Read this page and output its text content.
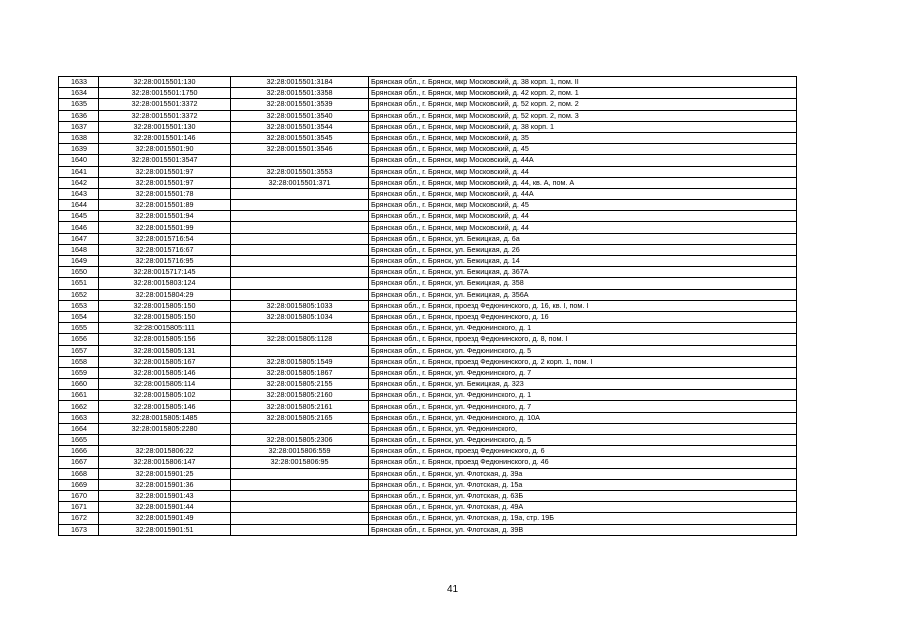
1633	32:28:0015501:130	32:28:0015501:3184	Брянская обл., г. Брянск, мкр Московский, д. 38 корп. 1, пом. II
1634	32:28:0015501:1750	32:28:0015501:3358	Брянская обл., г. Брянск, мкр Московский, д. 42 корп. 2, пом. 1
1635	32:28:0015501:3372	32:28:0015501:3539	Брянская обл., г. Брянск, мкр Московский, д. 52 корп. 2, пом. 2
1636	32:28:0015501:3372	32:28:0015501:3540	Брянская обл., г. Брянск, мкр Московский, д. 52 корп. 2, пом. 3
1637	32:28:0015501:130	32:28:0015501:3544	Брянская обл., г. Брянск, мкр Московский, д. 38 корп. 1
1638	32:28:0015501:146	32:28:0015501:3545	Брянская обл., г. Брянск, мкр Московский, д. 35
1639	32:28:0015501:90	32:28:0015501:3546	Брянская обл., г. Брянск, мкр Московский, д. 45
1640	32:28:0015501:3547		Брянская обл., г. Брянск, мкр Московский, д. 44А
1641	32:28:0015501:97	32:28:0015501:3553	Брянская обл., г. Брянск, мкр Московский, д. 44
1642	32:28:0015501:97	32:28:0015501:371	Брянская обл., г. Брянск, мкр Московский, д. 44, кв. А, пом. А
1643	32:28:0015501:78		Брянская обл., г. Брянск, мкр Московский, д. 44А
1644	32:28:0015501:89		Брянская обл., г. Брянск, мкр Московский, д. 45
1645	32:28:0015501:94		Брянская обл., г. Брянск, мкр Московский, д. 44
1646	32:28:0015501:99		Брянская обл., г. Брянск, мкр Московский, д. 44
1647	32:28:0015716:54		Брянская обл., г. Брянск, ул. Бежицкая, д. 6а
1648	32:28:0015716:67		Брянская обл., г. Брянск, ул. Бежицкая, д. 26
1649	32:28:0015716:95		Брянская обл., г. Брянск, ул. Бежицкая, д. 14
1650	32:28:0015717:145		Брянская обл., г. Брянск, ул. Бежицкая, д. 367А
1651	32:28:0015803:124		Брянская обл., г. Брянск, ул. Бежицкая, д. 358
1652	32:28:0015804:29		Брянская обл., г. Брянск, ул. Бежицкая, д. 356А
1653	32:28:0015805:150	32:28:0015805:1033	Брянская обл., г. Брянск, проезд Федюнинского, д. 16, кв. I, пом. I
1654	32:28:0015805:150	32:28:0015805:1034	Брянская обл., г. Брянск, проезд Федюнинского, д. 16
1655	32:28:0015805:111		Брянская обл., г. Брянск, ул. Федюнинского, д. 1
1656	32:28:0015805:156	32:28:0015805:1128	Брянская обл., г. Брянск, проезд Федюнинского, д. 8, пом. I
1657	32:28:0015805:131		Брянская обл., г. Брянск, ул. Федюнинского, д. 5
1658	32:28:0015805:167	32:28:0015805:1549	Брянская обл., г. Брянск, проезд Федюнинского, д. 2 корп. 1, пом. I
1659	32:28:0015805:146	32:28:0015805:1867	Брянская обл., г. Брянск, ул. Федюнинского, д. 7
1660	32:28:0015805:114	32:28:0015805:2155	Брянская обл., г. Брянск, ул. Бежицкая, д. 323
1661	32:28:0015805:102	32:28:0015805:2160	Брянская обл., г. Брянск, ул. Федюнинского, д. 1
1662	32:28:0015805:146	32:28:0015805:2161	Брянская обл., г. Брянск, ул. Федюнинского, д. 7
1663	32:28:0015805:1485	32:28:0015805:2165	Брянская обл., г. Брянск, ул. Федюнинского, д. 10А
1664	32:28:0015805:2280		Брянская обл., г. Брянск, ул. Федюнинского,
1665		32:28:0015805:2306	Брянская обл., г. Брянск, ул. Федюнинского, д. 5
1666	32:28:0015806:22	32:28:0015806:559	Брянская обл., г. Брянск, проезд Федюнинского, д. 6
1667	32:28:0015806:147	32:28:0015806:95	Брянская обл., г. Брянск, проезд Федюнинского, д. 46
1668	32:28:0015901:25		Брянская обл., г. Брянск, ул. Флотская, д. 39а
1669	32:28:0015901:36		Брянская обл., г. Брянск, ул. Флотская, д. 15а
1670	32:28:0015901:43		Брянская обл., г. Брянск, ул. Флотская, д. 63Б
1671	32:28:0015901:44		Брянская обл., г. Брянск, ул. Флотская, д. 49А
1672	32:28:0015901:49		Брянская обл., г. Брянск, ул. Флотская, д. 19а, стр. 19Б
1673	32:28:0015901:51		Брянская обл., г. Брянск, ул. Флотская, д. 39В
41
